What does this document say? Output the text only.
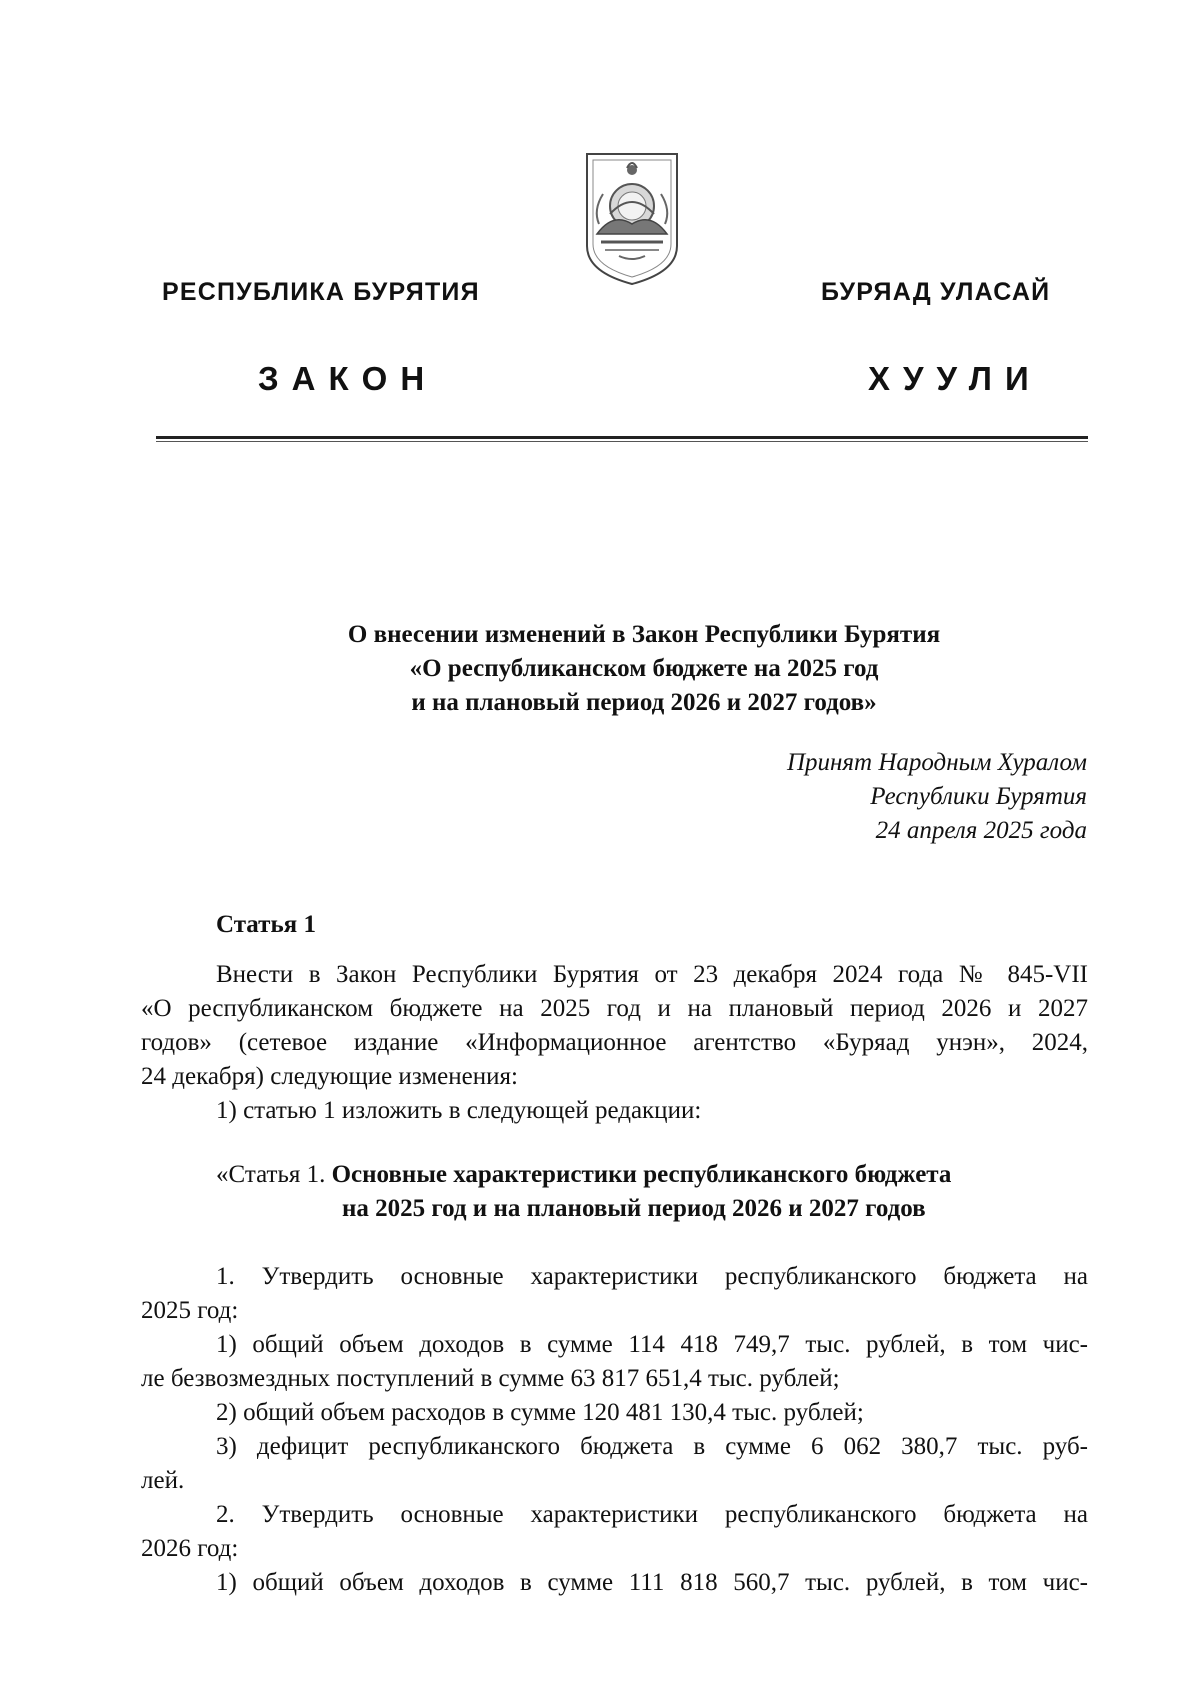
РЕСПУБЛИКА БУРЯТИЯ	БУРЯАД УЛАСАЙ
ЗАКОН	ХУУЛИ
О внесении изменений в Закон Республики Бурятия
«О республиканском бюджете на 2025 год
и на плановый период 2026 и 2027 годов»
Принят Народным Хуралом
Республики Бурятия
24 апреля 2025 года
Статья 1
Внести в Закон Республики Бурятия от 23 декабря 2024 года № 845-VII
«О республиканском бюджете на 2025 год и на плановый период 2026 и 2027
годов» (сетевое издание «Информационное агентство «Буряад унэн», 2024,
24 декабря) следующие изменения:
1) статью 1 изложить в следующей редакции:
«Статья 1. Основные характеристики республиканского бюджета
на 2025 год и на плановый период 2026 и 2027 годов
1. Утвердить основные характеристики республиканского бюджета на
2025 год:
1) общий объем доходов в сумме 114 418 749,7 тыс. рублей, в том чис-
ле безвозмездных поступлений в сумме 63 817 651,4 тыс. рублей;
2) общий объем расходов в сумме 120 481 130,4 тыс. рублей;
3) дефицит республиканского бюджета в сумме 6 062 380,7 тыс. руб-
лей.
2. Утвердить основные характеристики республиканского бюджета на
2026 год:
1) общий объем доходов в сумме 111 818 560,7 тыс. рублей, в том чис-
